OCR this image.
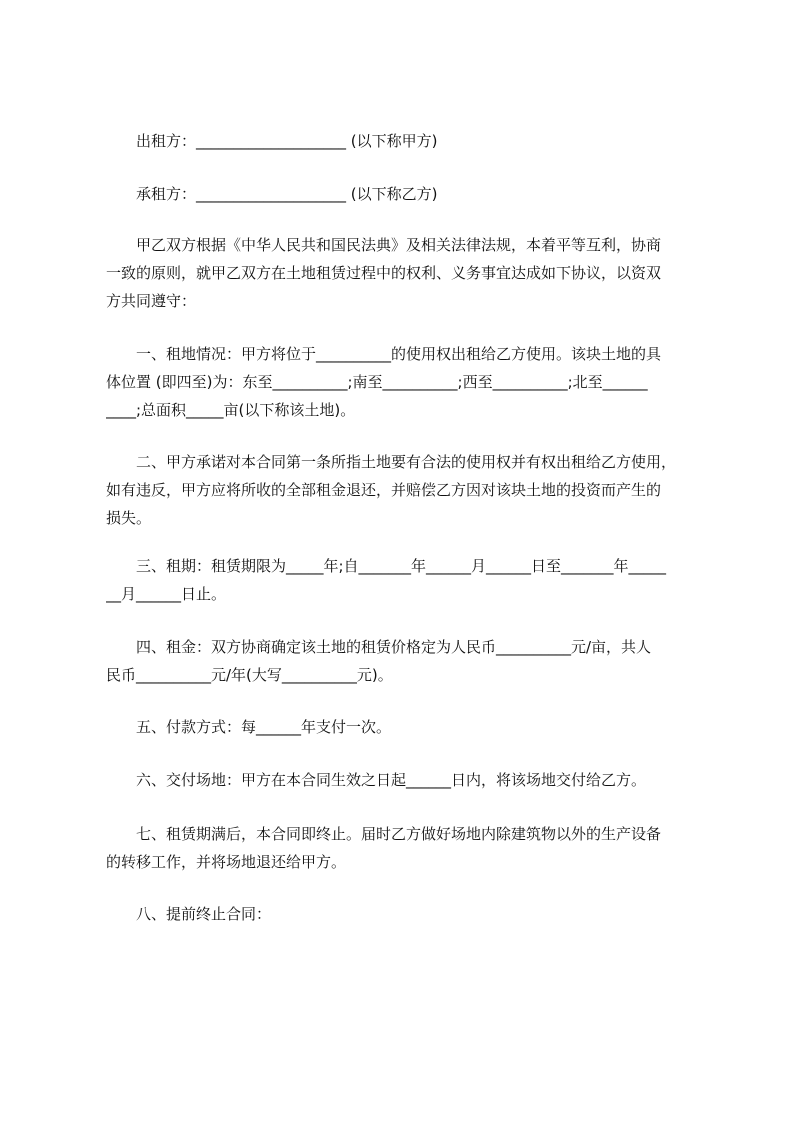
出租方：____________________ (以下称甲方)

承租方：____________________ (以下称乙方)

甲乙双方根据《中华人民共和国民法典》及相关法律法规，本着平等互利，协商
一致的原则，就甲乙双方在土地租赁过程中的权利、义务事宜达成如下协议，以资双
方共同遵守：

一、租地情况：甲方将位于__________的使用权出租给乙方使用。该块土地的具
体位置 (即四至)为：东至__________;南至__________;西至__________;北至______
____;总面积_____亩(以下称该土地)。

二、甲方承诺对本合同第一条所指土地要有合法的使用权并有权出租给乙方使用，
如有违反，甲方应将所收的全部租金退还，并赔偿乙方因对该块土地的投资而产生的
损失。

三、租期：租赁期限为_____年;自_______年______月______日至_______年_____
__月______日止。

四、租金：双方协商确定该土地的租赁价格定为人民币__________元/亩，共人
民币__________元/年(大写__________元)。

五、付款方式：每______年支付一次。

六、交付场地：甲方在本合同生效之日起______日内，将该场地交付给乙方。

七、租赁期满后，本合同即终止。届时乙方做好场地内除建筑物以外的生产设备
的转移工作，并将场地退还给甲方。

八、提前终止合同：
